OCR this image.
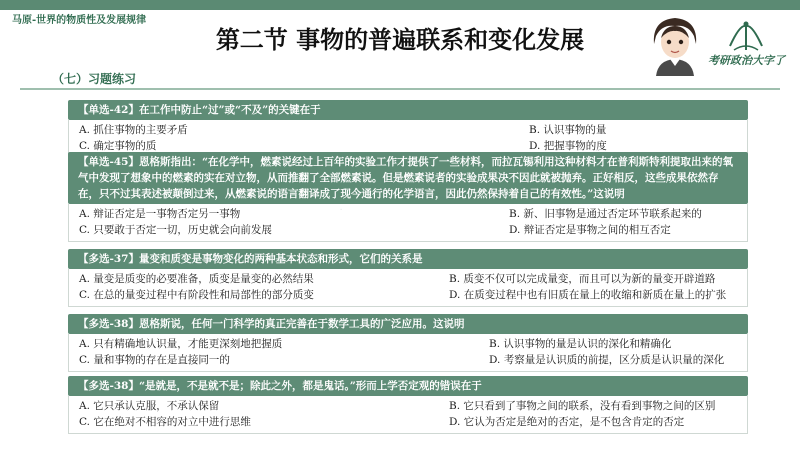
马原-世界的物质性及发展规律
第二节 事物的普遍联系和变化发展
考研政治大字了
（七）习题练习
·
【单选-42】在工作中防止“过”或“不及”的关键在于
A. 抓住事物的主要矛盾	B. 认识事物的量
C. 确定事物的质	D. 把握事物的度
【单选-45】恩格斯指出：“在化学中，燃素说经过上百年的实验工作才提供了一些材料，而拉瓦锡利用这种材料才在普利斯特利提取出来的氧气中发现了想象中的燃素的实在对立物，从而推翻了全部燃素说。但是燃素说者的实验成果决不因此就被抛弃。正好相反，这些成果依然存在，只不过其表述被颠倒过来，从燃素说的语言翻译成了现今通行的化学语言，因此仍然保持着自己的有效性。”这说明
A. 辩证否定是一事物否定另一事物	B. 新、旧事物是通过否定环节联系起来的
C. 只要敢于否定一切，历史就会向前发展	D. 辩证否定是事物之间的相互否定
【多选-37】量变和质变是事物变化的两种基本状态和形式，它们的关系是
A. 量变是质变的必要准备，质变是量变的必然结果	B. 质变不仅可以完成量变，而且可以为新的量变开辟道路
C. 在总的量变过程中有阶段性和局部性的部分质变	D. 在质变过程中也有旧质在量上的收缩和新质在量上的扩张
【多选-38】恩格斯说，任何一门科学的真正完善在于数学工具的广泛应用。这说明
A. 只有精确地认识量，才能更深刻地把握质	B. 认识事物的量是认识的深化和精确化
C. 量和事物的存在是直接同一的	D. 考察量是认识质的前提，区分质是认识量的深化
【多选-38】“是就是，不是就不是；除此之外，都是鬼话。”形而上学否定观的错误在于
A. 它只承认克服，不承认保留	B. 它只看到了事物之间的联系，没有看到事物之间的区别
C. 它在绝对不相容的对立中进行思维	D. 它认为否定是绝对的否定，是不包含肯定的否定
